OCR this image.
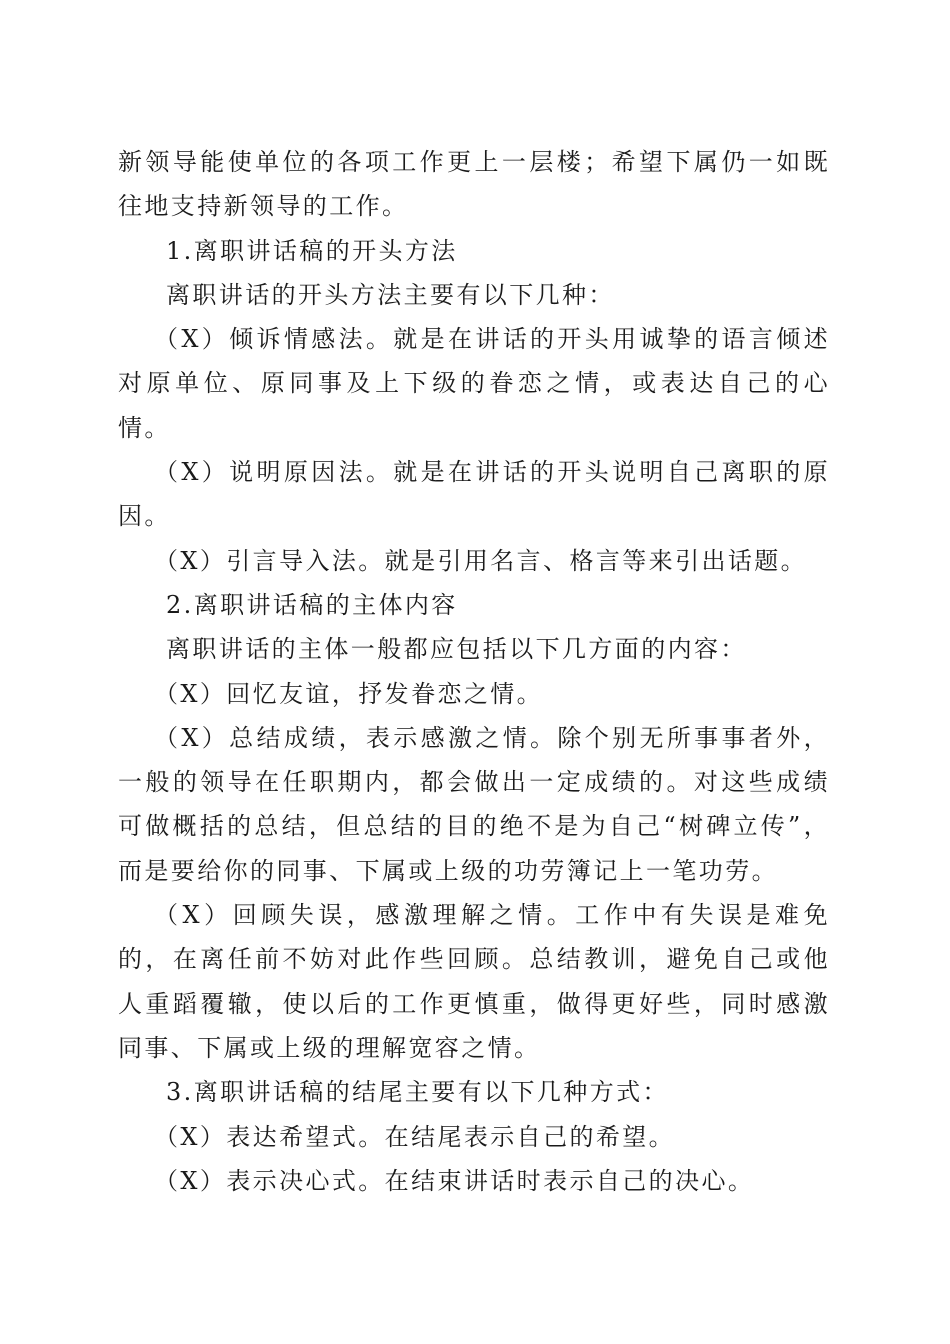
新领导能使单位的各项工作更上一层楼；希望下属仍一如既往地支持新领导的工作。

1.离职讲话稿的开头方法

离职讲话的开头方法主要有以下几种：

（X）倾诉情感法。就是在讲话的开头用诚挚的语言倾述对原单位、原同事及上下级的眷恋之情，或表达自己的心情。

（X）说明原因法。就是在讲话的开头说明自己离职的原因。

（X）引言导入法。就是引用名言、格言等来引出话题。

2.离职讲话稿的主体内容

离职讲话的主体一般都应包括以下几方面的内容：

（X）回忆友谊，抒发眷恋之情。

（X）总结成绩，表示感激之情。除个别无所事事者外，一般的领导在任职期内，都会做出一定成绩的。对这些成绩可做概括的总结，但总结的目的绝不是为自己“树碑立传”，而是要给你的同事、下属或上级的功劳簿记上一笔功劳。

（X）回顾失误，感激理解之情。工作中有失误是难免的，在离任前不妨对此作些回顾。总结教训，避免自己或他人重蹈覆辙，使以后的工作更慎重，做得更好些，同时感激同事、下属或上级的理解宽容之情。

3.离职讲话稿的结尾主要有以下几种方式：

（X）表达希望式。在结尾表示自己的希望。

（X）表示决心式。在结束讲话时表示自己的决心。
